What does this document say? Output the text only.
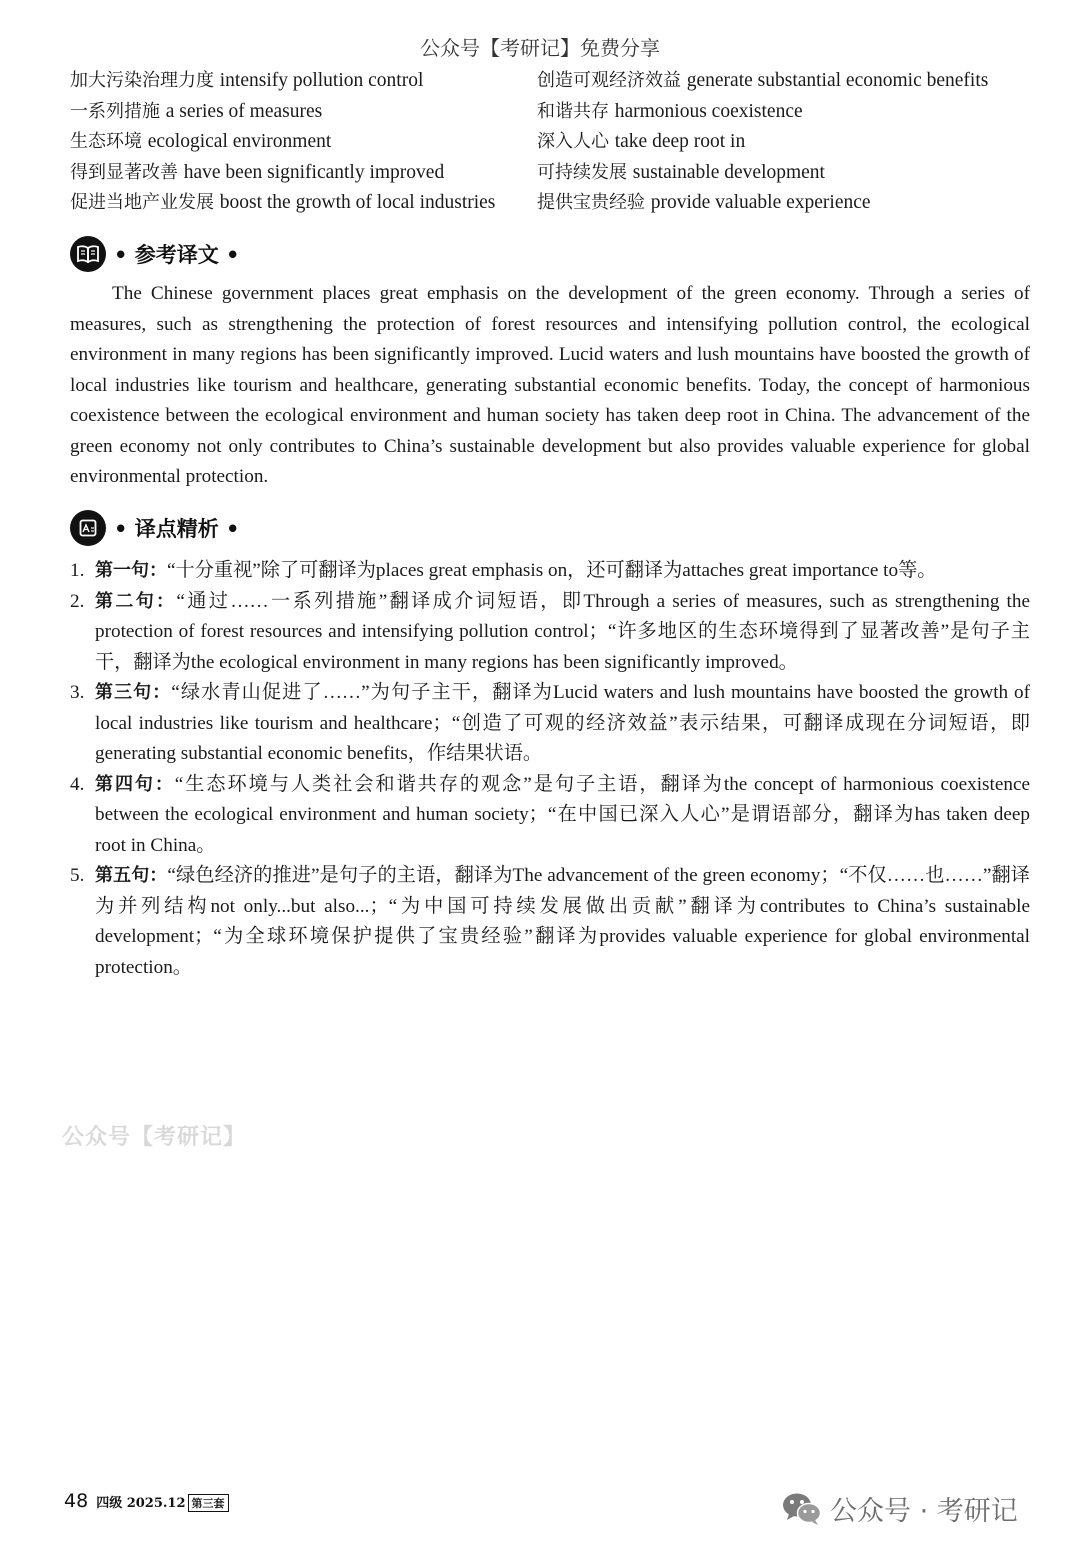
公众号【考研记】免费分享
加大污染治理力度 intensify pollution control	创造可观经济效益 generate substantial economic benefits
一系列措施 a series of measures	和谐共存 harmonious coexistence
生态环境 ecological environment	深入人心 take deep root in
得到显著改善 have been significantly improved	可持续发展 sustainable development
促进当地产业发展 boost the growth of local industries	提供宝贵经验 provide valuable experience
• 参考译文 •

The Chinese government places great emphasis on the development of the green economy. Through a series of measures, such as strengthening the protection of forest resources and intensifying pollution control, the ecological environment in many regions has been significantly improved. Lucid waters and lush mountains have boosted the growth of local industries like tourism and healthcare, generating substantial economic benefits. Today, the concept of harmonious coexistence between the ecological environment and human society has taken deep root in China. The advancement of the green economy not only contributes to China’s sustainable development but also provides valuable experience for global environmental protection.

• 译点精析 •
1. 第一句：“十分重视”除了可翻译为places great emphasis on，还可翻译为attaches great importance to等。
2. 第二句：“通过……一系列措施”翻译成介词短语，即Through a series of measures, such as strengthening the protection of forest resources and intensifying pollution control；“许多地区的生态环境得到了显著改善”是句子主干，翻译为the ecological environment in many regions has been significantly improved。
3. 第三句：“绿水青山促进了……”为句子主干，翻译为Lucid waters and lush mountains have boosted the growth of local industries like tourism and healthcare；“创造了可观的经济效益”表示结果，可翻译成现在分词短语，即generating substantial economic benefits，作结果状语。
4. 第四句：“生态环境与人类社会和谐共存的观念”是句子主语，翻译为the concept of harmonious coexistence between the ecological environment and human society；“在中国已深入人心”是谓语部分，翻译为has taken deep root in China。
5. 第五句：“绿色经济的推进”是句子的主语，翻译为The advancement of the green economy；“不仅……也……”翻译为并列结构not only...but also...；“为中国可持续发展做出贡献”翻译为contributes to China’s sustainable development；“为全球环境保护提供了宝贵经验”翻译为provides valuable experience for global environmental protection。
公众号【考研记】
48 四级 2025.12 第三套	公众号 · 考研记
